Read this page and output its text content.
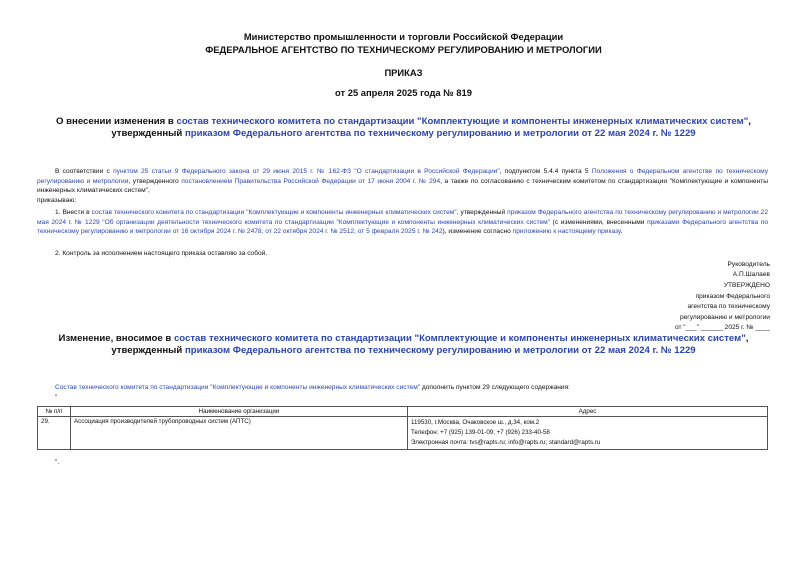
Министерство промышленности и торговли Российской Федерации
ФЕДЕРАЛЬНОЕ АГЕНТСТВО ПО ТЕХНИЧЕСКОМУ РЕГУЛИРОВАНИЮ И МЕТРОЛОГИИ
ПРИКАЗ
от 25 апреля 2025 года № 819
О внесении изменения в состав технического комитета по стандартизации "Комплектующие и компоненты инженерных климатических систем", утвержденный приказом Федерального агентства по техническому регулированию и метрологии от 22 мая 2024 г. № 1229
В соответствии с пунктом 25 статьи 9 Федерального закона от 29 июня 2015 г. № 162-ФЗ "О стандартизации в Российской Федерации", подпунктом 5.4.4 пункта 5 Положения о Федеральном агентстве по техническому регулированию и метрологии, утвержденного постановлением Правительства Российской Федерации от 17 июня 2004 г. № 294, а также по согласованию с техническим комитетом по стандартизации "Комплектующие и компоненты инженерных климатических систем",
приказываю:
1. Внести в состав технического комитета по стандартизации "Комплектующие и компоненты инженерных климатических систем", утвержденный приказом Федерального агентства по техническому регулированию и метрологии 22 мая 2024 г. № 1229 "Об организации деятельности технического комитета по стандартизации "Комплектующие и компоненты инженерных климатических систем" (с изменениями, внесенными приказами Федерального агентства по техническому регулированию и метрологии от 16 октября 2024 г. № 2478, от 22 октября 2024 г. № 2512, от 5 февраля 2025 г. № 242), изменение согласно приложению к настоящему приказу.
2. Контроль за исполнением настоящего приказа оставляю за собой.
Руководитель
А.П.Шалаев
УТВЕРЖДЕНО
приказом Федерального
агентства по техническому
регулированию и метрологии
от "___" ______ 2025 г. № ____
Изменение, вносимое в состав технического комитета по стандартизации "Комплектующие и компоненты инженерных климатических систем", утвержденный приказом Федерального агентства по техническому регулированию и метрологии от 22 мая 2024 г. № 1229
Состав технического комитета по стандартизации "Комплектующие и компоненты инженерных климатических систем" дополнить пунктом 29 следующего содержания:
"
№ п/п	Наименование организации	Адрес
29.	Ассоциация производителей трубопроводных систем (АПТС)	119530, г.Москва, Очаковское ш., д.34, ком.2
Телефон: +7 (925) 139-01-09; +7 (926) 233-40-58
Электронная почта: tvs@rapts.ru; info@rapts.ru; standard@rapts.ru
".
